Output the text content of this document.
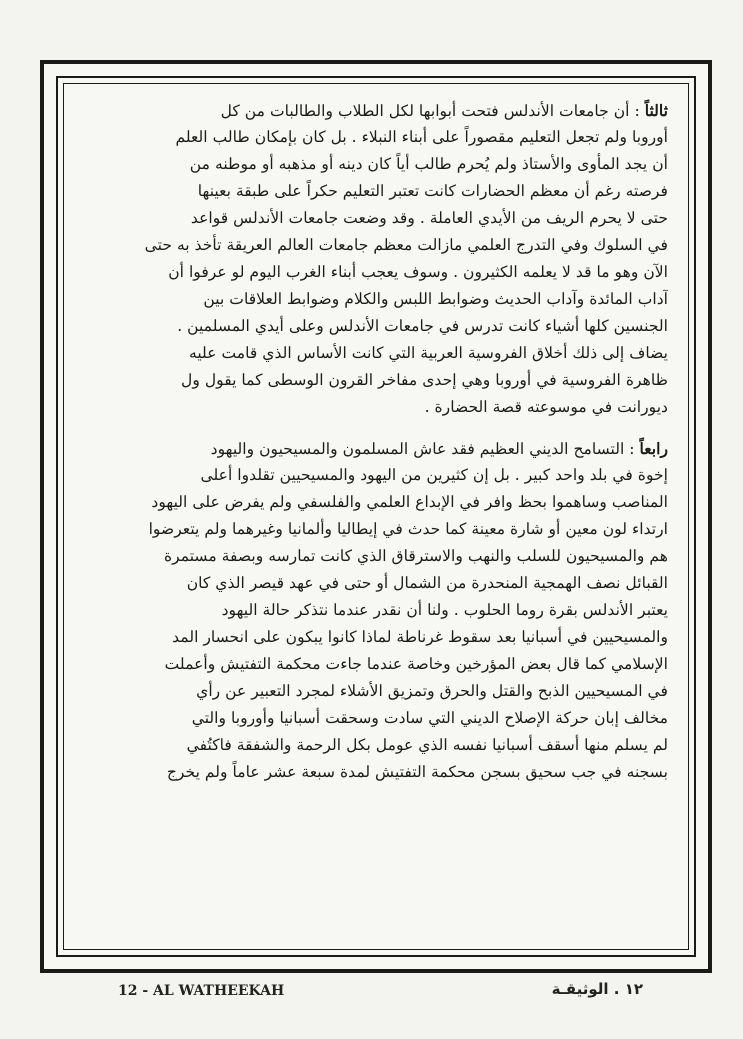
ثالثاً : أن جامعات الأندلس فتحت أبوابها لكل الطلاب والطالبات من كل
أوروبا ولم تجعل التعليم مقصوراً على أبناء النبلاء . بل كان بإمكان طالب العلم
أن يجد المأوى والأستاذ ولم يُحرم طالب أياً كان دينه أو مذهبه أو موطنه من
فرصته رغم أن معظم الحضارات كانت تعتبر التعليم حكراً على طبقة بعينها
حتى لا يحرم الريف من الأيدي العاملة . وقد وضعت جامعات الأندلس قواعد
في السلوك وفي التدرج العلمي مازالت معظم جامعات العالم العريقة تأخذ به حتى
الآن وهو ما قد لا يعلمه الكثيرون . وسوف يعجب أبناء الغرب اليوم لو عرفوا أن
آداب المائدة وآداب الحديث وضوابط اللبس والكلام وضوابط العلاقات بين
الجنسين كلها أشياء كانت تدرس في جامعات الأندلس وعلى أيدي المسلمين .
يضاف إلى ذلك أخلاق الفروسية العربية التي كانت الأساس الذي قامت عليه
ظاهرة الفروسية في أوروبا وهي إحدى مفاخر القرون الوسطى كما يقول ول
ديورانت في موسوعته قصة الحضارة .
رابعاً : التسامح الديني العظيم فقد عاش المسلمون والمسيحيون واليهود
إخوة في بلد واحد كبير . بل إن كثيرين من اليهود والمسيحيين تقلدوا أعلى
المناصب وساهموا بحظ وافر في الإبداع العلمي والفلسفي ولم يفرض على اليهود
ارتداء لون معين أو شارة معينة كما حدث في إيطاليا وألمانيا وغيرهما ولم يتعرضوا
هم والمسيحيون للسلب والنهب والاسترقاق الذي كانت تمارسه وبصفة مستمرة
القبائل نصف الهمجية المنحدرة من الشمال أو حتى في عهد قيصر الذي كان
يعتبر الأندلس بقرة روما الحلوب . ولنا أن نقدر عندما نتذكر حالة اليهود
والمسيحيين في أسبانيا بعد سقوط غرناطة لماذا كانوا يبكون على انحسار المد
الإسلامي كما قال بعض المؤرخين وخاصة عندما جاءت محكمة التفتيش وأعملت
في المسيحيين الذبح والقتل والحرق وتمزيق الأشلاء لمجرد التعبير عن رأي
مخالف إبان حركة الإصلاح الديني التي سادت وسحقت أسبانيا وأوروبا والتي
لم يسلم منها أسقف أسبانيا نفسه الذي عومل بكل الرحمة والشفقة فاكتُفي
بسجنه في جب سحيق بسجن محكمة التفتيش لمدة سبعة عشر عاماً ولم يخرج
12 - AL WATHEEKAH	١٢ . الوثيقـة
